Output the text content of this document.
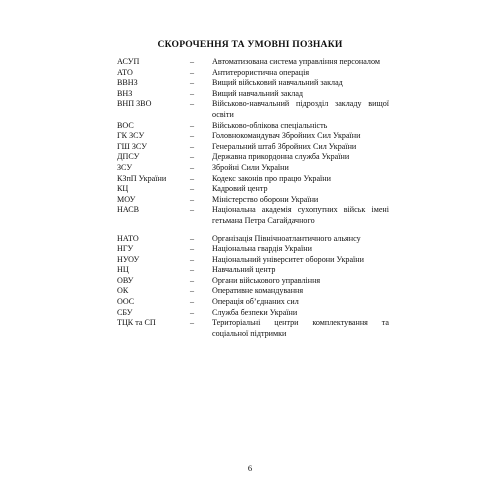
СКОРОЧЕННЯ ТА УМОВНІ ПОЗНАКИ
АСУП	–	Автоматизована система управління персоналом
АТО	–	Антитерористична операція
ВВНЗ	–	Вищий військовий навчальний заклад
ВНЗ	–	Вищий навчальний заклад
ВНП ЗВО	–	Військово-навчальний підрозділ закладу вищої освіти
ВОС	–	Військово-облікова спеціальність
ГК ЗСУ	–	Головнокомандувач Збройних Сил України
ГШ ЗСУ	–	Генеральний штаб Збройних Сил України
ДПСУ	–	Державна прикордонна служба України
ЗСУ	–	Збройні Сили України
КЗпП України	–	Кодекс законів про працю України
КЦ	–	Кадровий центр
МОУ	–	Міністерство оборони України
НАСВ	–	Національна академія сухопутних військ імені гетьмана Петра Сагайдачного
НАТО	–	Організація Північноатлантичного альянсу
НГУ	–	Національна гвардія України
НУОУ	–	Національний університет оборони України
НЦ	–	Навчальний центр
ОВУ	–	Органи військового управління
ОК	–	Оперативне командування
ООС	–	Операція об’єднаних сил
СБУ	–	Служба безпеки України
ТЦК та СП	–	Територіальні центри комплектування та соціальної підтримки
6
